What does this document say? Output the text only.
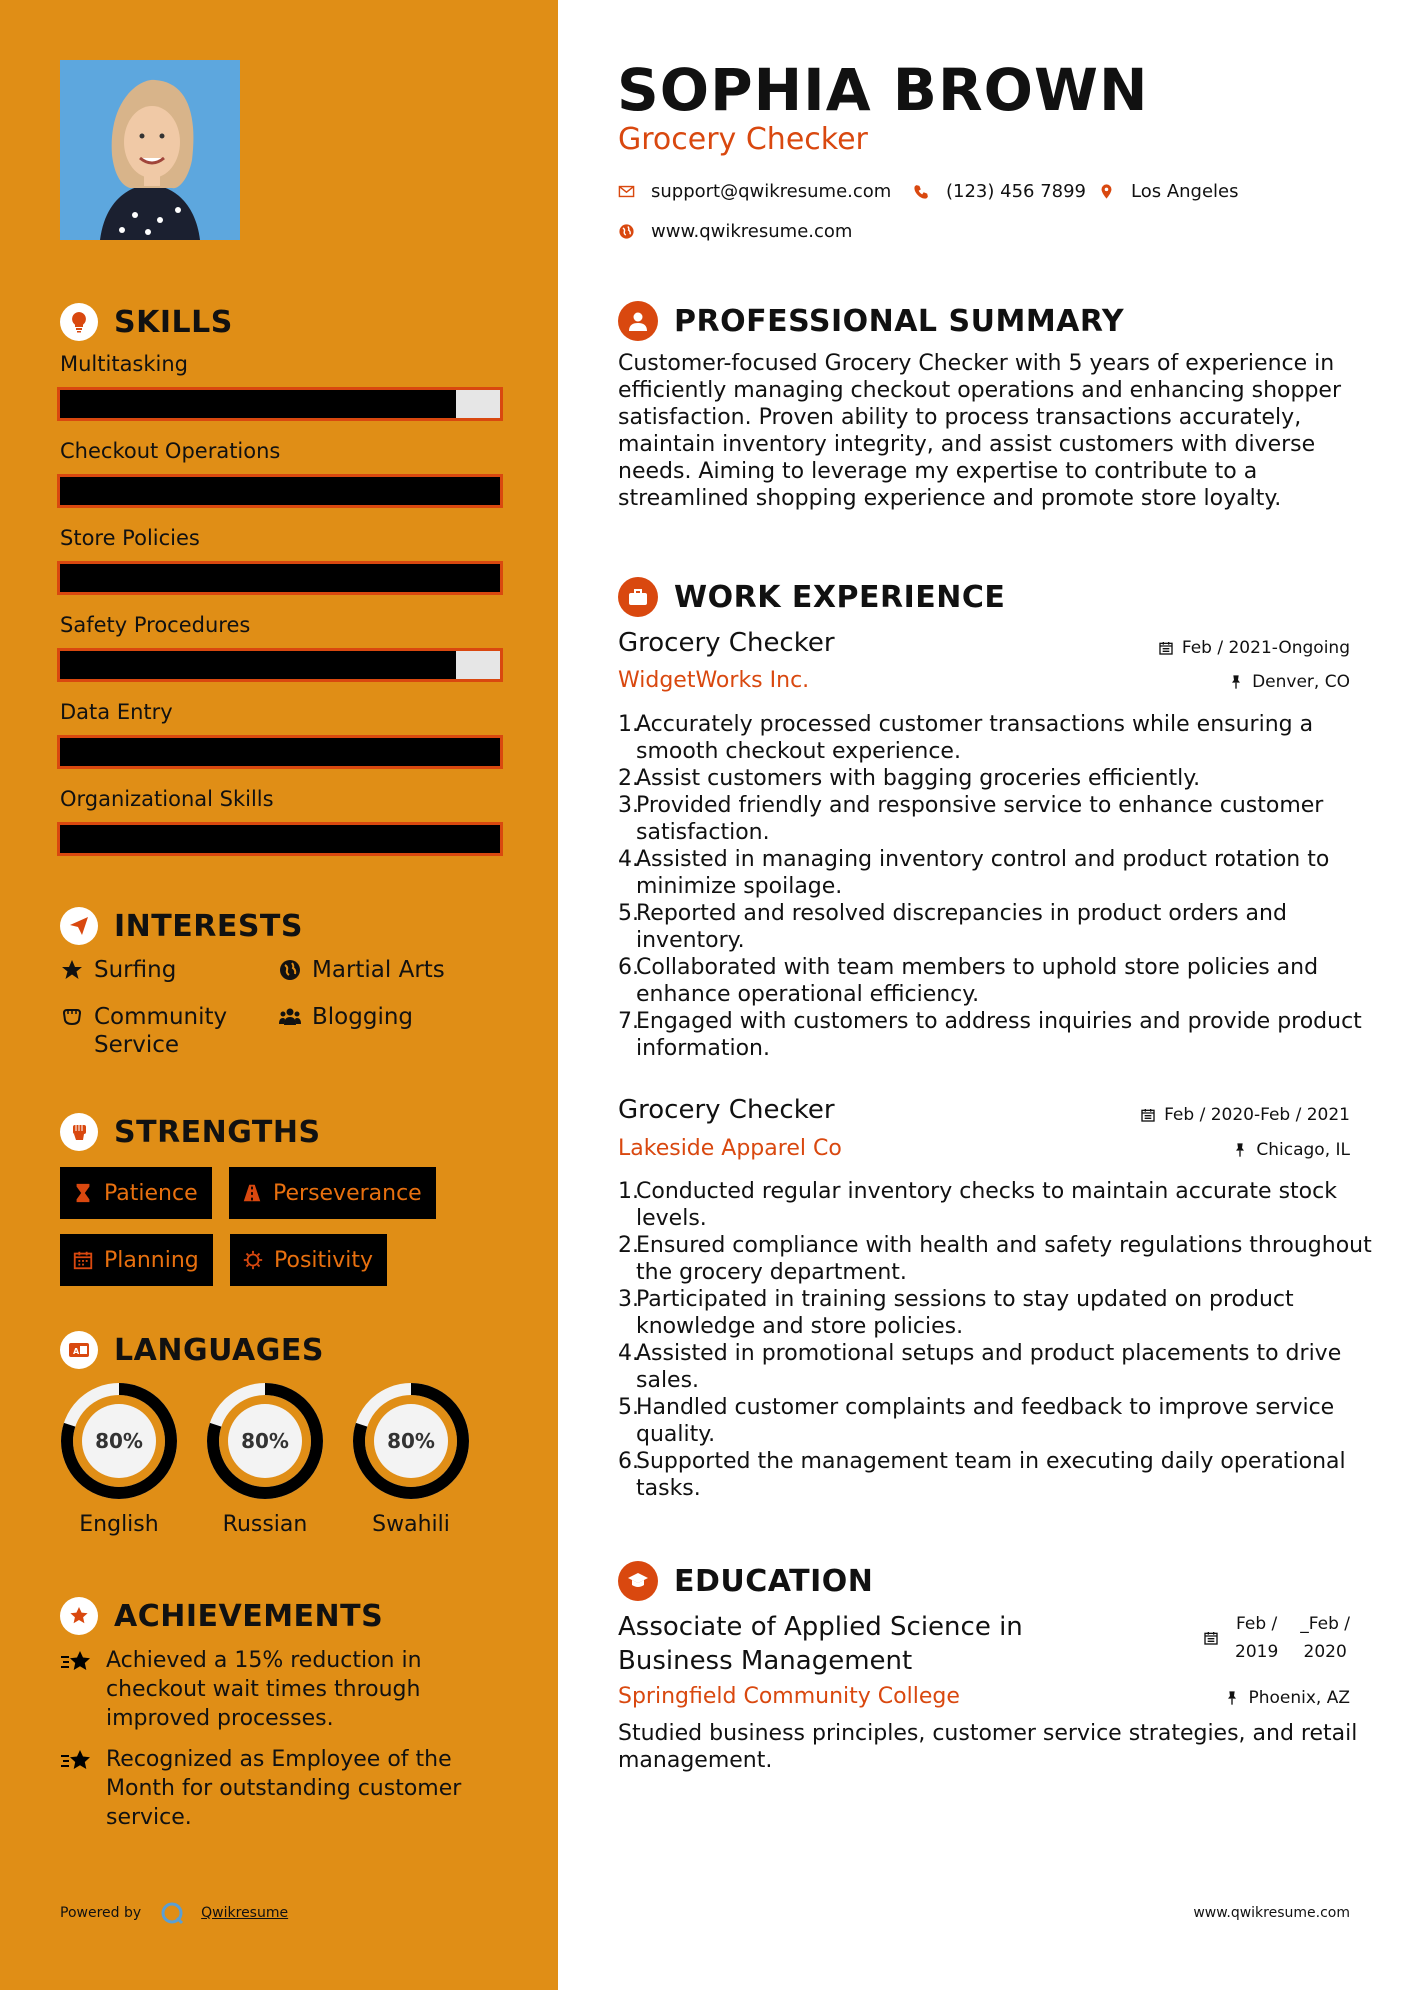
SKILLS
Multitasking
Checkout Operations
Store Policies
Safety Procedures
Data Entry
Organizational Skills
INTERESTS
Surfing	Martial Arts
Community Service
Blogging
STRENGTHS
Patience	Perseverance
Planning	Positivity
A LANGUAGES
80%
English
80%
Russian
80%
Swahili
ACHIEVEMENTS
Achieved a 15% reduction in checkout wait times through improved processes.
Recognized as Employee of the Month for outstanding customer service.
Powered by	Qwikresume
SOPHIA BROWN
Grocery Checker
support@qwikresume.com	(123) 456 7899 Los Angeles
www.qwikresume.com
PROFESSIONAL SUMMARY
Customer-focused Grocery Checker with 5 years of experience in efficiently managing checkout operations and enhancing shopper satisfaction. Proven ability to process transactions accurately, maintain inventory integrity, and assist customers with diverse needs. Aiming to leverage my expertise to contribute to a streamlined shopping experience and promote store loyalty.
WORK EXPERIENCE
Grocery Checker
WidgetWorks Inc.
Feb / 2021-Ongoing
Denver, CO
1.
Accurately processed customer transactions while ensuring a smooth checkout experience.
2.
Assist customers with bagging groceries efficiently.
3.
Provided friendly and responsive service to enhance customer satisfaction.
4.
Assisted in managing inventory control and product rotation to minimize spoilage.
5.
Reported and resolved discrepancies in product orders and inventory.
6.
Collaborated with team members to uphold store policies and enhance operational efficiency.
7.
Engaged with customers to address inquiries and provide product information.
Grocery Checker
Lakeside Apparel Co
Feb / 2020-Feb / 2021
Chicago, IL
1.
Conducted regular inventory checks to maintain accurate stock levels.
2.
Ensured compliance with health and safety regulations throughout the grocery department.
3.
Participated in training sessions to stay updated on product knowledge and store policies.
4.
Assisted in promotional setups and product placements to drive sales.
5.
Handled customer complaints and feedback to improve service quality.
6.
Supported the management team in executing daily operational tasks.
EDUCATION
Associate of Applied Science in Business Management
Feb /
2019
_Feb /
2020
Springfield Community College	Phoenix, AZ
Studied business principles, customer service strategies, and retail management.
www.qwikresume.com
